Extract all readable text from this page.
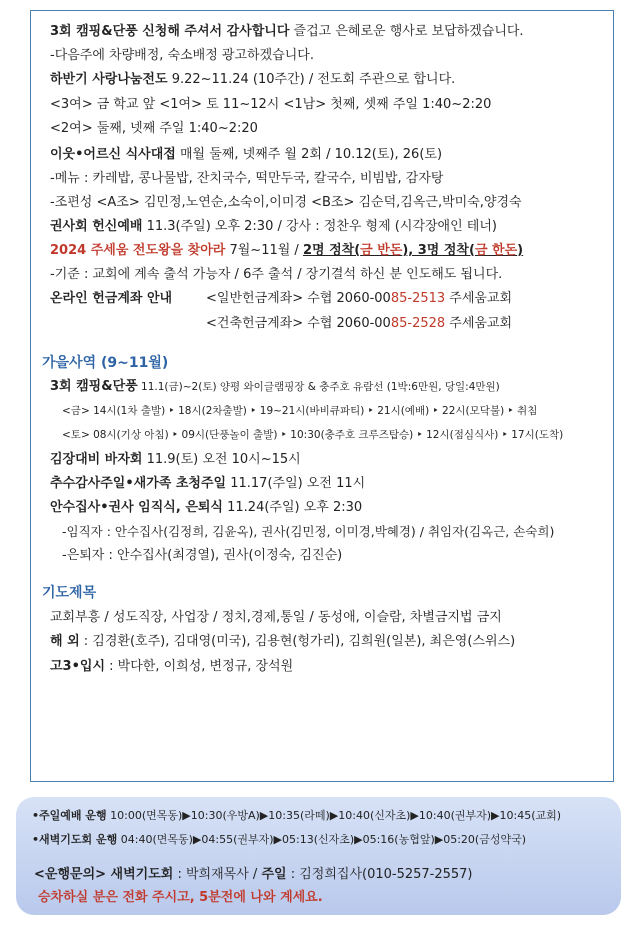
3회 캠핑&단풍 신청해 주셔서 감사합니다 즐겁고 은혜로운 행사로 보답하겠습니다.
-다음주에 차량배정, 숙소배정 광고하겠습니다.
하반기 사랑나눔전도 9.22~11.24 (10주간) / 전도회 주관으로 합니다.
<3여> 금 학교 앞 <1여> 토 11~12시 <1남> 첫째, 셋째 주일 1:40~2:20
<2여> 둘째, 넷째 주일 1:40~2:20
이웃•어르신 식사대접 매월 둘째, 넷째주 월 2회 / 10.12(토), 26(토)
-메뉴 : 카레밥, 콩나물밥, 잔치국수, 떡만두국, 칼국수, 비빔밥, 감자탕
-조편성 <A조> 김민정,노연순,소숙이,이미경 <B조> 김순덕,김옥근,박미숙,양경숙
권사회 헌신예배 11.3(주일) 오후 2:30 / 강사 : 정찬우 형제 (시각장애인 테너)
2024 주세움 전도왕을 찾아라 7월~11월 / 2명 정착(금 반돈), 3명 정착(금 한돈)
-기준 : 교회에 계속 출석 가능자 / 6주 출석 / 장기결석 하신 분 인도해도 됩니다.
온라인 헌금계좌 안내	<일반헌금계좌> 수협 2060-0085-2513 주세움교회
<건축헌금계좌> 수협 2060-0085-2528 주세움교회
가을사역 (9~11월)
3회 캠핑&단풍 11.1(금)~2(토) 양평 와이글램핑장 & 충주호 유람선 (1박:6만원, 당일:4만원)
<금> 14시(1차 출발) ‣ 18시(2차출발) ‣ 19~21시(바비큐파티) ‣ 21시(예배) ‣ 22시(모닥불) ‣ 취침
<토> 08시(기상 아침) ‣ 09시(단풍놀이 출발) ‣ 10:30(충주호 크루즈탑승) ‣ 12시(점심식사) ‣ 17시(도착)
김장대비 바자회 11.9(토) 오전 10시~15시
추수감사주일•새가족 초청주일 11.17(주일) 오전 11시
안수집사•권사 임직식, 은퇴식 11.24(주일) 오후 2:30
-임직자 : 안수집사(김정희, 김윤옥), 권사(김민정, 이미경,박혜경) / 취임자(김옥근, 손숙희)
-은퇴자 : 안수집사(최경열), 권사(이정숙, 김진순)
기도제목
교회부흥 / 성도직장, 사업장 / 정치,경제,통일 / 동성애, 이슬람, 차별금지법 금지
해 외 : 김경환(호주), 김대영(미국), 김용현(헝가리), 김희원(일본), 최은영(스위스)
고3•입시 : 박다한, 이희성, 변정규, 장석원
•주일예배 운행 10:00(면목동)▶10:30(우방A)▶10:35(라떼)▶10:40(신자초)▶10:40(권부자)▶10:45(교회)
•새벽기도회 운행 04:40(면목동)▶04:55(권부자)▶05:13(신자초)▶05:16(농협앞)▶05:20(금성약국)
<운행문의> 새벽기도회 : 박희재목사 / 주일 : 김정희집사(010-5257-2557)
승차하실 분은 전화 주시고, 5분전에 나와 계세요.
